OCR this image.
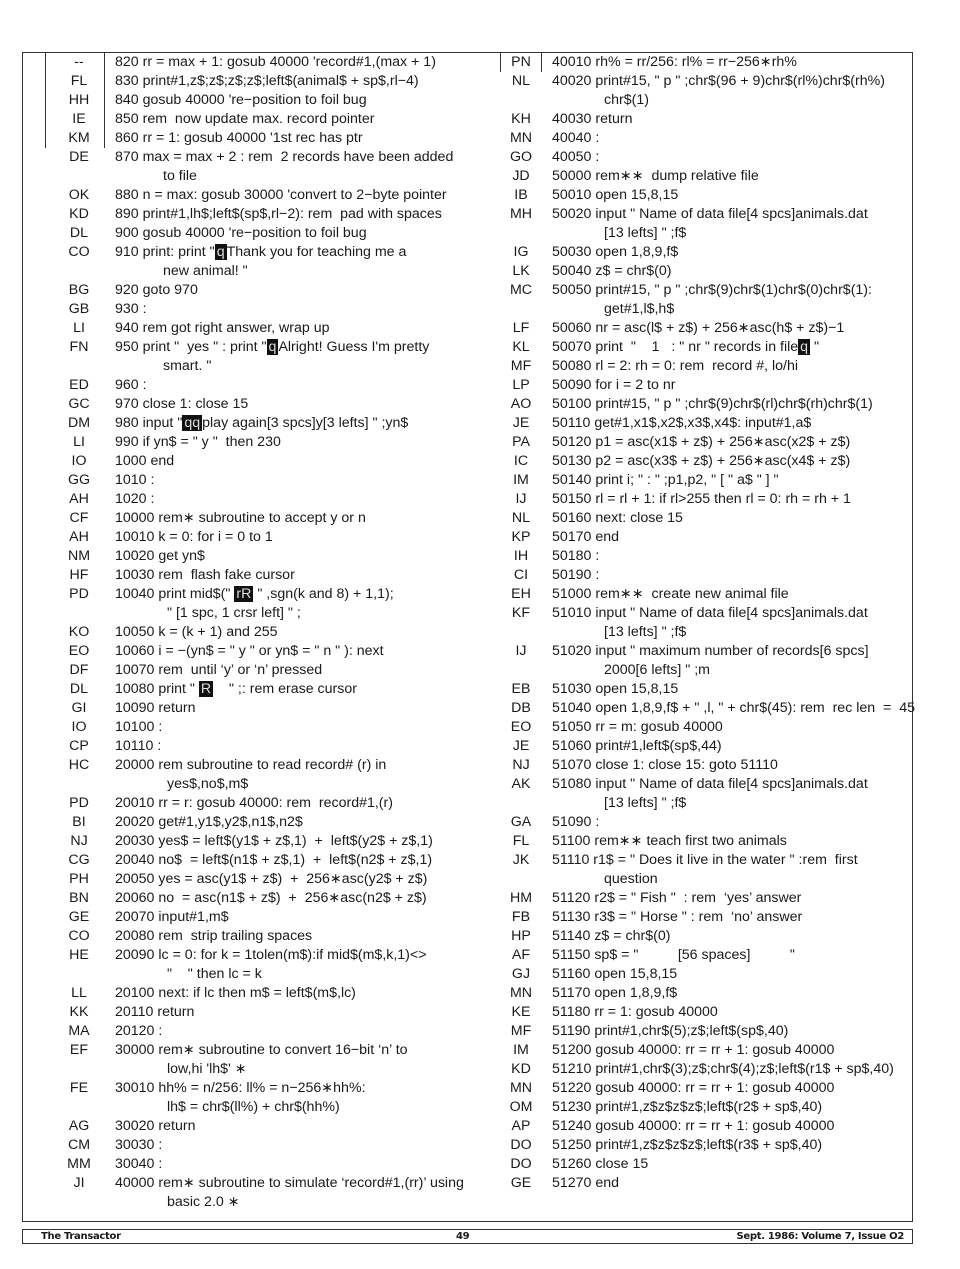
--	820 rr = max + 1: gosub 40000 'record#1,(max + 1)
FL	830 print#1,z$;z$;z$;z$;left$(animal$ + sp$,rl−4)
HH	840 gosub 40000 're−position to foil bug
IE	850 rem  now update max. record pointer
KM	860 rr = 1: gosub 40000 '1st rec has ptr
DE	870 max = max + 2 : rem  2 records have been added
to file
OK	880 n = max: gosub 30000 'convert to 2−byte pointer
KD	890 print#1,lh$;left$(sp$,rl−2): rem  pad with spaces
DL	900 gosub 40000 're−position to foil bug
CO	910 print: print " q Thank you for teaching me a
new animal! "
BG	920 goto 970
GB	930 :
LI	940 rem got right answer, wrap up
FN	950 print "  yes " : print " q Alright! Guess I'm pretty
smart. "
ED	960 :
GC	970 close 1: close 15
DM	980 input " qq play again[3 spcs]y[3 lefts] " ;yn$
LI	990 if yn$ = " y "  then 230
IO	1000 end
GG	1010 :
AH	1020 :
CF	10000 rem∗ subroutine to accept y or n
AH	10010 k = 0: for i = 0 to 1
NM	10020 get yn$
HF	10030 rem  flash fake cursor
PD	10040 print mid$(" rR " ,sgn(k and 8) + 1,1);
" [1 spc, 1 crsr left] " ;
KO	10050 k = (k + 1) and 255
EO	10060 i = −(yn$ = " y " or yn$ = " n " ): next
DF	10070 rem  until ‘y’ or ‘n’ pressed
DL	10080 print " R    " ;: rem erase cursor
GI	10090 return
IO	10100 :
CP	10110 :
HC	20000 rem subroutine to read record# (r) in
yes$,no$,m$
PD	20010 rr = r: gosub 40000: rem  record#1,(r)
BI	20020 get#1,y1$,y2$,n1$,n2$
NJ	20030 yes$ = left$(y1$ + z$,1)  +  left$(y2$ + z$,1)
CG	20040 no$  = left$(n1$ + z$,1)  +  left$(n2$ + z$,1)
PH	20050 yes = asc(y1$ + z$)  +  256∗asc(y2$ + z$)
BN	20060 no  = asc(n1$ + z$)  +  256∗asc(n2$ + z$)
GE	20070 input#1,m$
CO	20080 rem  strip trailing spaces
HE	20090 lc = 0: for k = 1tolen(m$):if mid$(m$,k,1)<>
"    " then lc = k
LL	20100 next: if lc then m$ = left$(m$,lc)
KK	20110 return
MA	20120 :
EF	30000 rem∗ subroutine to convert 16−bit ‘n’ to
low,hi 'lh$' ∗
FE	30010 hh% = n/256: ll% = n−256∗hh%:
lh$ = chr$(ll%) + chr$(hh%)
AG	30020 return
CM	30030 :
MM	30040 :
JI	40000 rem∗ subroutine to simulate ‘record#1,(rr)’ using
basic 2.0 ∗
PN	40010 rh% = rr/256: rl% = rr−256∗rh%
NL	40020 print#15, " p " ;chr$(96 + 9)chr$(rl%)chr$(rh%)
chr$(1)
KH	40030 return
MN	40040 :
GO	40050 :
JD	50000 rem∗∗  dump relative file
IB	50010 open 15,8,15
MH	50020 input " Name of data file[4 spcs]animals.dat
[13 lefts] " ;f$
IG	50030 open 1,8,9,f$
LK	50040 z$ = chr$(0)
MC	50050 print#15, " p " ;chr$(9)chr$(1)chr$(0)chr$(1):
get#1,l$,h$
LF	50060 nr = asc(l$ + z$) + 256∗asc(h$ + z$)−1
KL	50070 print  "    1   : " nr " records in file q "
MF	50080 rl = 2: rh = 0: rem  record #, lo/hi
LP	50090 for i = 2 to nr
AO	50100 print#15, " p " ;chr$(9)chr$(rl)chr$(rh)chr$(1)
JE	50110 get#1,x1$,x2$,x3$,x4$: input#1,a$
PA	50120 p1 = asc(x1$ + z$) + 256∗asc(x2$ + z$)
IC	50130 p2 = asc(x3$ + z$) + 256∗asc(x4$ + z$)
IM	50140 print i; " : " ;p1,p2, " [ " a$ " ] "
IJ	50150 rl = rl + 1: if rl>255 then rl = 0: rh = rh + 1
NL	50160 next: close 15
KP	50170 end
IH	50180 :
CI	50190 :
EH	51000 rem∗∗  create new animal file
KF	51010 input " Name of data file[4 spcs]animals.dat
[13 lefts] " ;f$
IJ	51020 input " maximum number of records[6 spcs]
2000[6 lefts] " ;m
EB	51030 open 15,8,15
DB	51040 open 1,8,9,f$ + " ,l, " + chr$(45): rem  rec len  =  45
EO	51050 rr = m: gosub 40000
JE	51060 print#1,left$(sp$,44)
NJ	51070 close 1: close 15: goto 51110
AK	51080 input " Name of data file[4 spcs]animals.dat
[13 lefts] " ;f$
GA	51090 :
FL	51100 rem∗∗ teach first two animals
JK	51110 r1$ = " Does it live in the water " :rem  first
question
HM	51120 r2$ = " Fish "  : rem  ‘yes’ answer
FB	51130 r3$ = " Horse " : rem  ‘no’ answer
HP	51140 z$ = chr$(0)
AF	51150 sp$ = "          [56 spaces]          "
GJ	51160 open 15,8,15
MN	51170 open 1,8,9,f$
KE	51180 rr = 1: gosub 40000
MF	51190 print#1,chr$(5);z$;left$(sp$,40)
IM	51200 gosub 40000: rr = rr + 1: gosub 40000
KD	51210 print#1,chr$(3);z$;chr$(4);z$;left$(r1$ + sp$,40)
MN	51220 gosub 40000: rr = rr + 1: gosub 40000
OM	51230 print#1,z$z$z$z$;left$(r2$ + sp$,40)
AP	51240 gosub 40000: rr = rr + 1: gosub 40000
DO	51250 print#1,z$z$z$z$;left$(r3$ + sp$,40)
DO	51260 close 15
GE	51270 end
The Transactor	49	Sept. 1986: Volume 7, Issue O2
